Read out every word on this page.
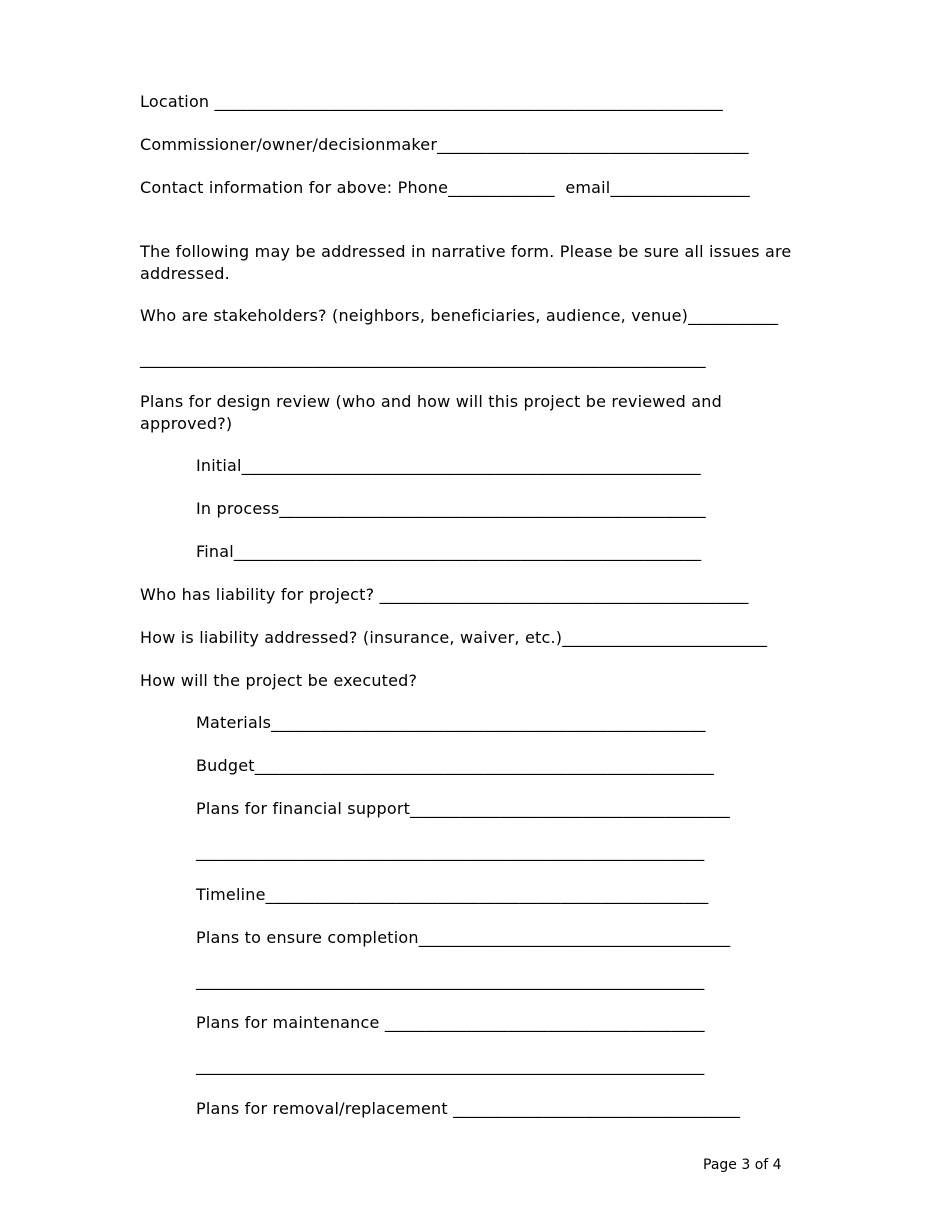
Location ______________________________________________________________
Commissioner/owner/decisionmaker______________________________________
Contact information for above: Phone_____________  email_________________
The following may be addressed in narrative form. Please be sure all issues are addressed.
Who are stakeholders? (neighbors, beneficiaries, audience, venue)___________
_____________________________________________________________________
Plans for design review (who and how will this project be reviewed and approved?)
Initial________________________________________________________
In process____________________________________________________
Final_________________________________________________________
Who has liability for project? _____________________________________________
How is liability addressed? (insurance, waiver, etc.)_________________________
How will the project be executed?
Materials_____________________________________________________
Budget________________________________________________________
Plans for financial support_______________________________________
______________________________________________________________
Timeline______________________________________________________
Plans to ensure completion______________________________________
______________________________________________________________
Plans for maintenance _______________________________________
______________________________________________________________
Plans for removal/replacement ___________________________________
Page 3 of 4
